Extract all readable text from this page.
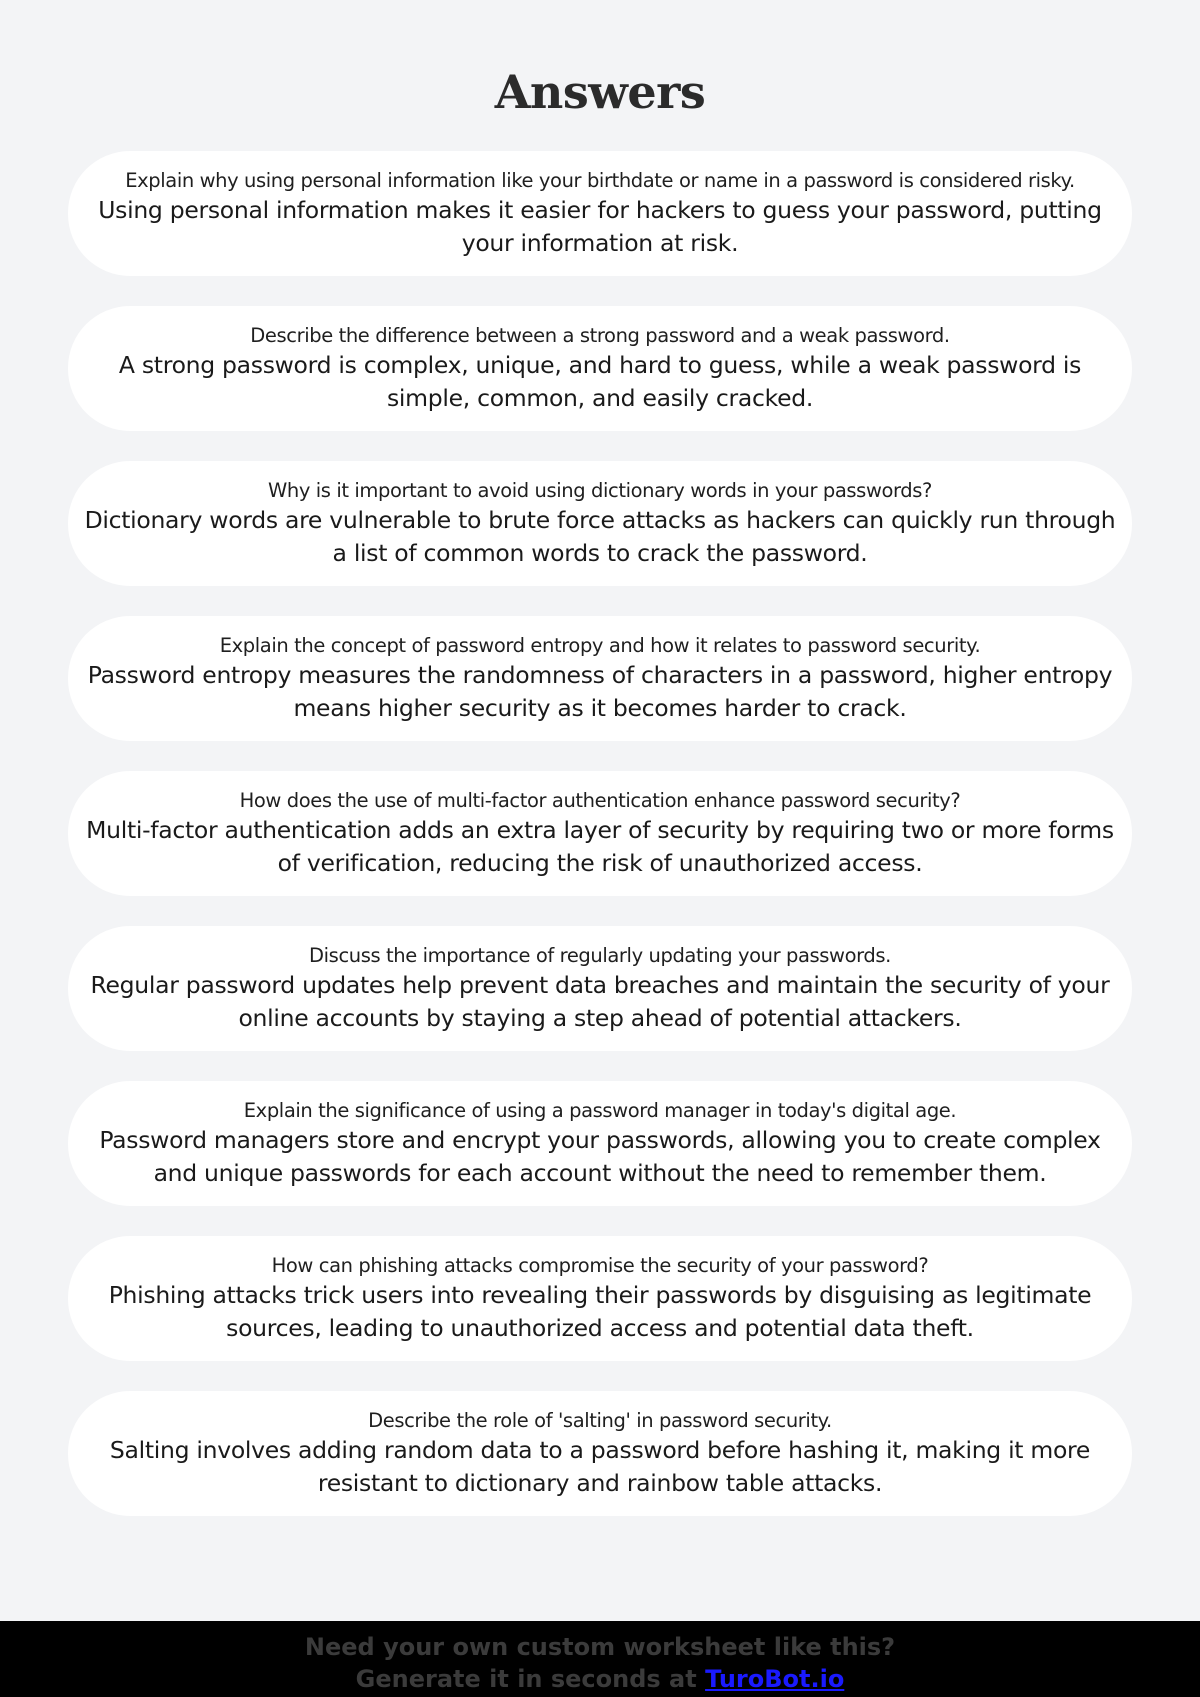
Answers
Explain why using personal information like your birthdate or name in a password is considered risky.
Using personal information makes it easier for hackers to guess your password, putting your information at risk.
Describe the difference between a strong password and a weak password.
A strong password is complex, unique, and hard to guess, while a weak password is simple, common, and easily cracked.
Why is it important to avoid using dictionary words in your passwords?
Dictionary words are vulnerable to brute force attacks as hackers can quickly run through a list of common words to crack the password.
Explain the concept of password entropy and how it relates to password security.
Password entropy measures the randomness of characters in a password, higher entropy means higher security as it becomes harder to crack.
How does the use of multi-factor authentication enhance password security?
Multi-factor authentication adds an extra layer of security by requiring two or more forms of verification, reducing the risk of unauthorized access.
Discuss the importance of regularly updating your passwords.
Regular password updates help prevent data breaches and maintain the security of your online accounts by staying a step ahead of potential attackers.
Explain the significance of using a password manager in today's digital age.
Password managers store and encrypt your passwords, allowing you to create complex and unique passwords for each account without the need to remember them.
How can phishing attacks compromise the security of your password?
Phishing attacks trick users into revealing their passwords by disguising as legitimate sources, leading to unauthorized access and potential data theft.
Describe the role of 'salting' in password security.
Salting involves adding random data to a password before hashing it, making it more resistant to dictionary and rainbow table attacks.
Need your own custom worksheet like this?
Generate it in seconds at TuroBot.io
